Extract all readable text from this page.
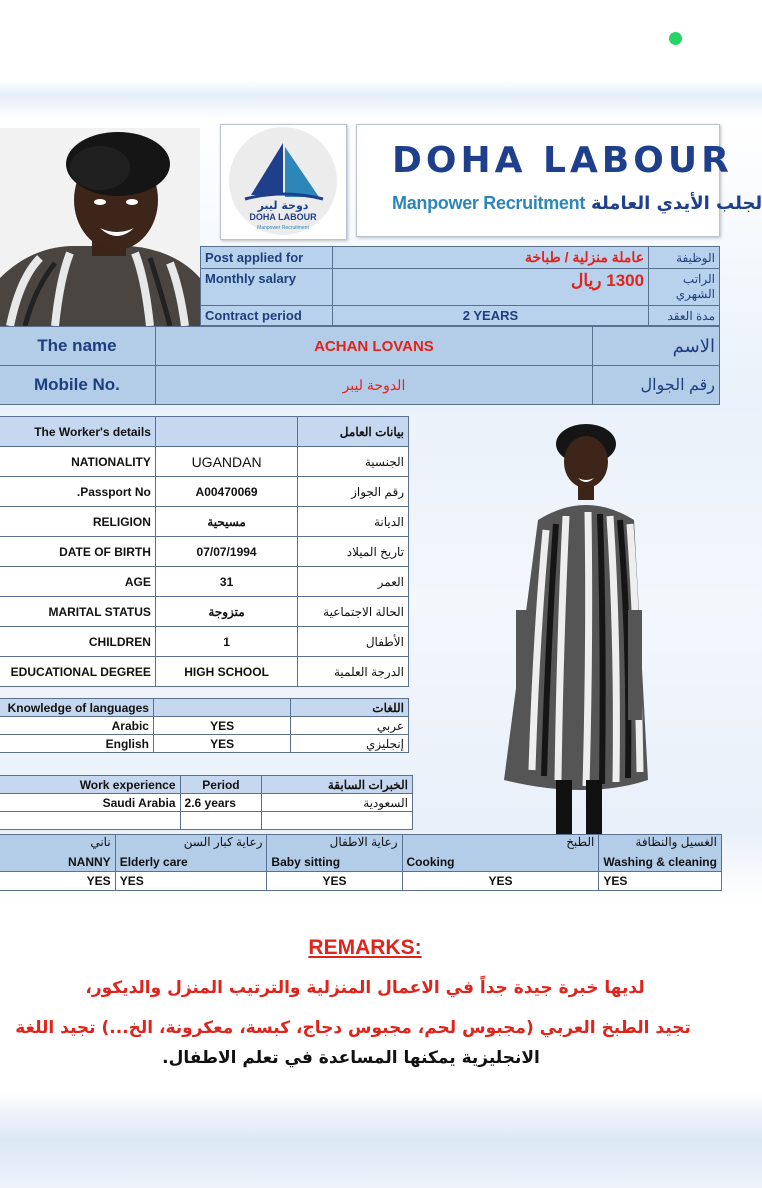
دوحة ليبر
DOHA LABOUR
Manpower Recruitment
DOHA LABOUR
Manpower Recruitment لجلب الأيدي العاملة
Post applied for	عاملة منزلية / طباخة	الوظيفة
Monthly salary	1300 ريال	الراتب الشهري
Contract period	2 YEARS	مدة العقد
The name	ACHAN LOVANS	الاسم
Mobile No.	الدوحة ليبر	رقم الجوال
The Worker's details		بيانات العامل
NATIONALITY	UGANDAN	الجنسية
Passport No.	A00470069	رقم الجواز
RELIGION	مسيحية	الديانة
DATE OF BIRTH	07/07/1994	تاريخ الميلاد
AGE	31	العمر
MARITAL STATUS	متزوجة	الحالة الاجتماعية
CHILDREN	1	الأطفال
EDUCATIONAL DEGREE	HIGH SCHOOL	الدرجة العلمية
Knowledge of languages		اللغات
Arabic	YES	عربي
English	YES	إنجليزي
Work experience	Period	الخبرات السابقة
Saudi Arabia	2.6 years	السعودية

ناني	رعاية كبار السن	رعاية الاطفال	الطبخ	الغسيل والنظافة
NANNY	Elderly care	Baby sitting	Cooking	Washing & cleaning
YES	YES	YES	YES	YES
REMARKS:
لديها خبرة جيدة جداً في الاعمال المنزلية والترتيب المنزل والديكور،
تجيد الطبخ العربي (مجبوس لحم، مجبوس دجاج، كبسة، معكرونة، الخ...) تجيد اللغة
الانجليزية يمكنها المساعدة في تعلم الاطفال.
